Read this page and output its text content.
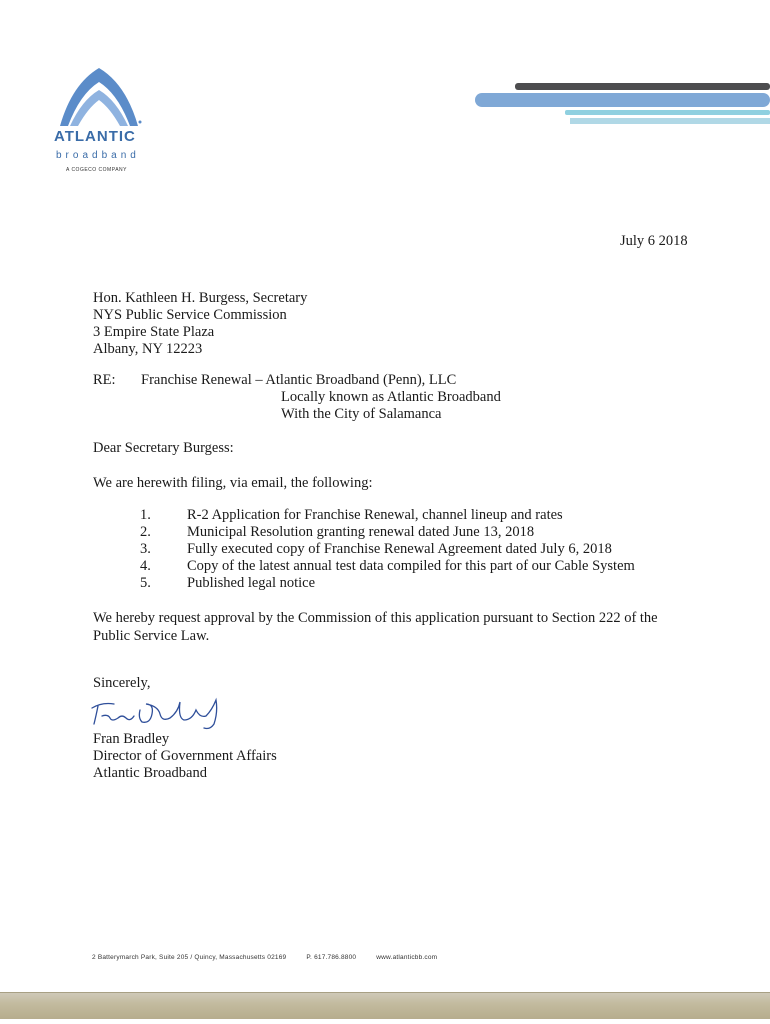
ATLANTIC
broadband
A COGECO COMPANY
July 6 2018
Hon. Kathleen H. Burgess, Secretary
NYS Public Service Commission
3 Empire State Plaza
Albany, NY 12223
RE: Franchise Renewal – Atlantic Broadband (Penn), LLC
Locally known as Atlantic Broadband
With the City of Salamanca
Dear Secretary Burgess:
We are herewith filing, via email, the following:
1.	R-2 Application for Franchise Renewal, channel lineup and rates
2.	Municipal Resolution granting renewal dated June 13, 2018
3.	Fully executed copy of Franchise Renewal Agreement dated July 6, 2018
4.	Copy of the latest annual test data compiled for this part of our Cable System
5.	Published legal notice
We hereby request approval by the Commission of this application pursuant to Section 222 of the Public Service Law.
Sincerely,
Fran Bradley
Director of Government Affairs
Atlantic Broadband
2 Batterymarch Park, Suite 205 / Quincy, Massachusetts 02169	P. 617.786.8800	www.atlanticbb.com
